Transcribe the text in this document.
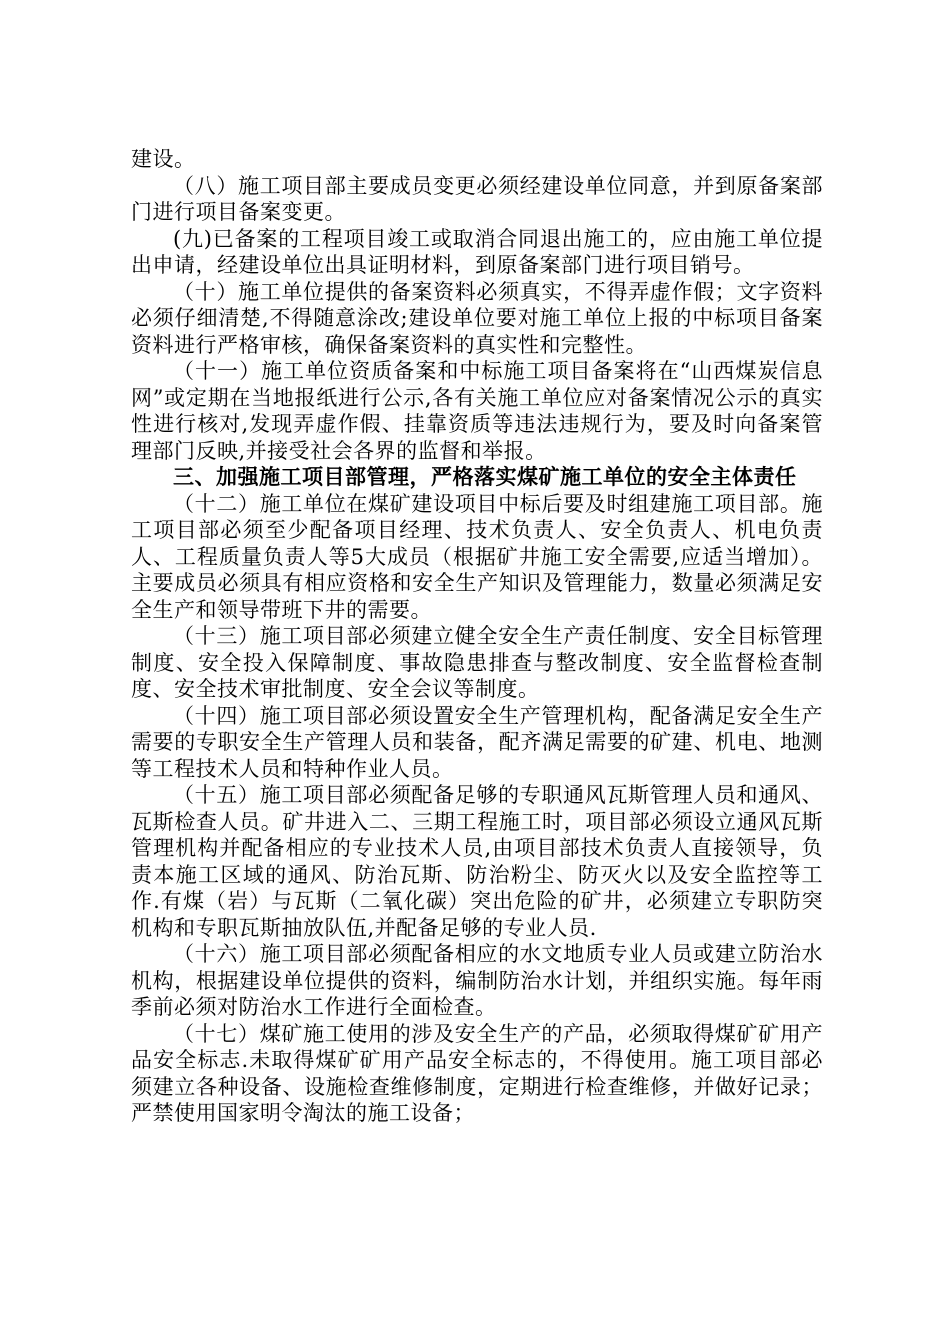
建设。

（八）施工项目部主要成员变更必须经建设单位同意，并到原备案部门进行项目备案变更。

(九)已备案的工程项目竣工或取消合同退出施工的，应由施工单位提出申请，经建设单位出具证明材料，到原备案部门进行项目销号。

（十）施工单位提供的备案资料必须真实，不得弄虚作假；文字资料必须仔细清楚,不得随意涂改;建设单位要对施工单位上报的中标项目备案资料进行严格审核，确保备案资料的真实性和完整性。

（十一）施工单位资质备案和中标施工项目备案将在“山西煤炭信息网”或定期在当地报纸进行公示,各有关施工单位应对备案情况公示的真实性进行核对,发现弄虚作假、挂靠资质等违法违规行为，要及时向备案管理部门反映,并接受社会各界的监督和举报。

三、加强施工项目部管理，严格落实煤矿施工单位的安全主体责任

（十二）施工单位在煤矿建设项目中标后要及时组建施工项目部。施工项目部必须至少配备项目经理、技术负责人、安全负责人、机电负责人、工程质量负责人等5大成员（根据矿井施工安全需要,应适当增加）。主要成员必须具有相应资格和安全生产知识及管理能力，数量必须满足安全生产和领导带班下井的需要。

（十三）施工项目部必须建立健全安全生产责任制度、安全目标管理制度、安全投入保障制度、事故隐患排查与整改制度、安全监督检查制度、安全技术审批制度、安全会议等制度。

（十四）施工项目部必须设置安全生产管理机构，配备满足安全生产需要的专职安全生产管理人员和装备，配齐满足需要的矿建、机电、地测等工程技术人员和特种作业人员。

（十五）施工项目部必须配备足够的专职通风瓦斯管理人员和通风、瓦斯检查人员。矿井进入二、三期工程施工时，项目部必须设立通风瓦斯管理机构并配备相应的专业技术人员,由项目部技术负责人直接领导，负责本施工区域的通风、防治瓦斯、防治粉尘、防灭火以及安全监控等工作.有煤（岩）与瓦斯（二氧化碳）突出危险的矿井，必须建立专职防突机构和专职瓦斯抽放队伍,并配备足够的专业人员.

（十六）施工项目部必须配备相应的水文地质专业人员或建立防治水机构，根据建设单位提供的资料，编制防治水计划，并组织实施。每年雨季前必须对防治水工作进行全面检查。

（十七）煤矿施工使用的涉及安全生产的产品，必须取得煤矿矿用产品安全标志.未取得煤矿矿用产品安全标志的，不得使用。施工项目部必须建立各种设备、设施检查维修制度，定期进行检查维修，并做好记录；严禁使用国家明令淘汰的施工设备；
